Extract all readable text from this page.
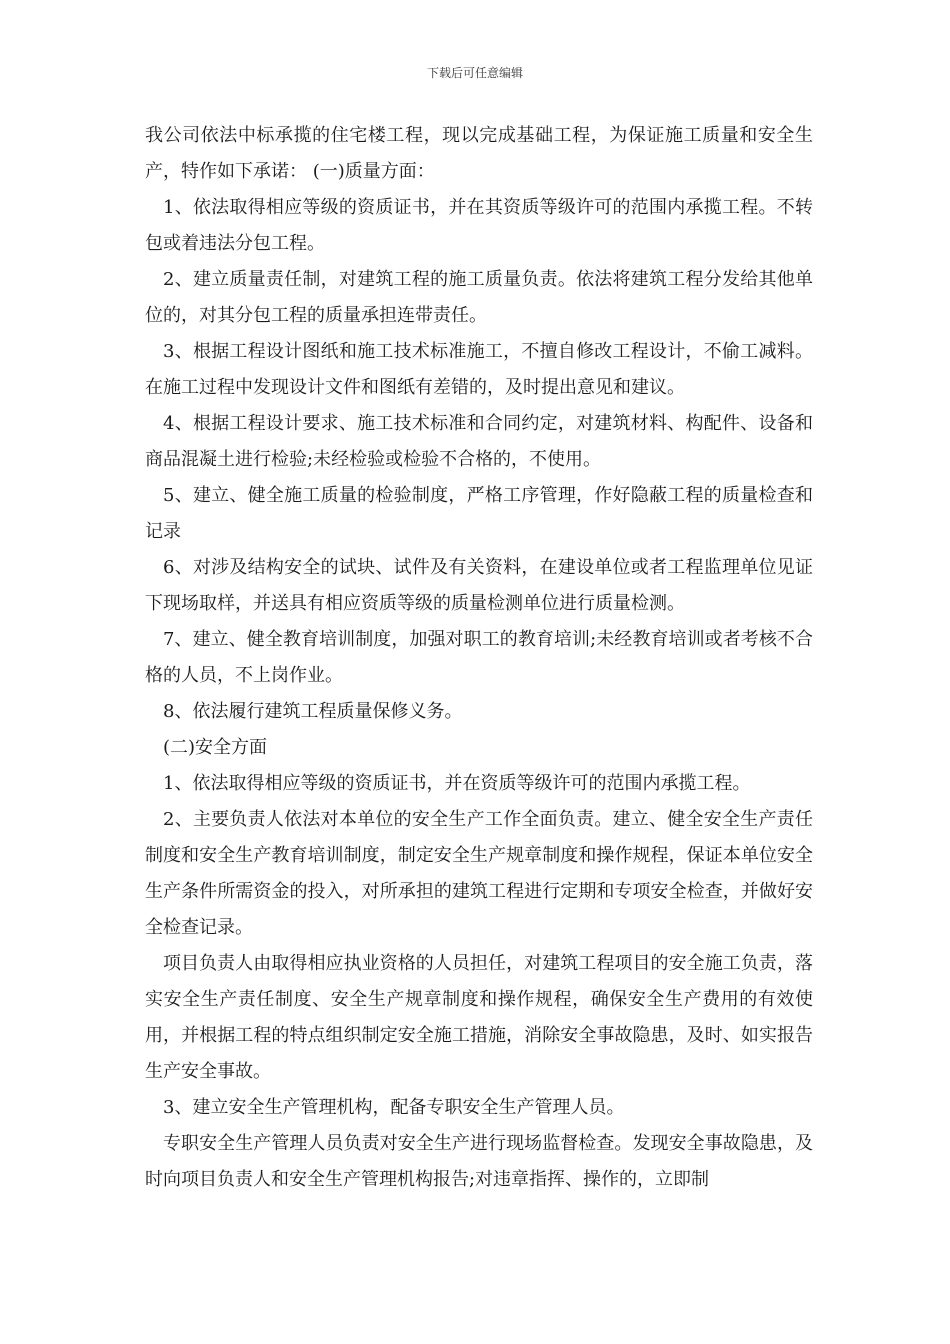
下载后可任意编辑

我公司依法中标承揽的住宅楼工程，现以完成基础工程，为保证施工质量和安全生产，特作如下承诺： (一)质量方面：

1、依法取得相应等级的资质证书，并在其资质等级许可的范围内承揽工程。不转包或着违法分包工程。

2、建立质量责任制，对建筑工程的施工质量负责。依法将建筑工程分发给其他单位的，对其分包工程的质量承担连带责任。

3、根据工程设计图纸和施工技术标准施工，不擅自修改工程设计，不偷工减料。在施工过程中发现设计文件和图纸有差错的，及时提出意见和建议。

4、根据工程设计要求、施工技术标准和合同约定，对建筑材料、构配件、设备和商品混凝土进行检验;未经检验或检验不合格的，不使用。

5、建立、健全施工质量的检验制度，严格工序管理，作好隐蔽工程的质量检查和记录

6、对涉及结构安全的试块、试件及有关资料，在建设单位或者工程监理单位见证下现场取样，并送具有相应资质等级的质量检测单位进行质量检测。

7、建立、健全教育培训制度，加强对职工的教育培训;未经教育培训或者考核不合格的人员，不上岗作业。

8、依法履行建筑工程质量保修义务。

(二)安全方面

1、依法取得相应等级的资质证书，并在资质等级许可的范围内承揽工程。

2、主要负责人依法对本单位的安全生产工作全面负责。建立、健全安全生产责任制度和安全生产教育培训制度，制定安全生产规章制度和操作规程，保证本单位安全生产条件所需资金的投入，对所承担的建筑工程进行定期和专项安全检查，并做好安全检查记录。

项目负责人由取得相应执业资格的人员担任，对建筑工程项目的安全施工负责，落实安全生产责任制度、安全生产规章制度和操作规程，确保安全生产费用的有效使用，并根据工程的特点组织制定安全施工措施，消除安全事故隐患，及时、如实报告生产安全事故。

3、建立安全生产管理机构，配备专职安全生产管理人员。

专职安全生产管理人员负责对安全生产进行现场监督检查。发现安全事故隐患，及时向项目负责人和安全生产管理机构报告;对违章指挥、操作的，立即制
